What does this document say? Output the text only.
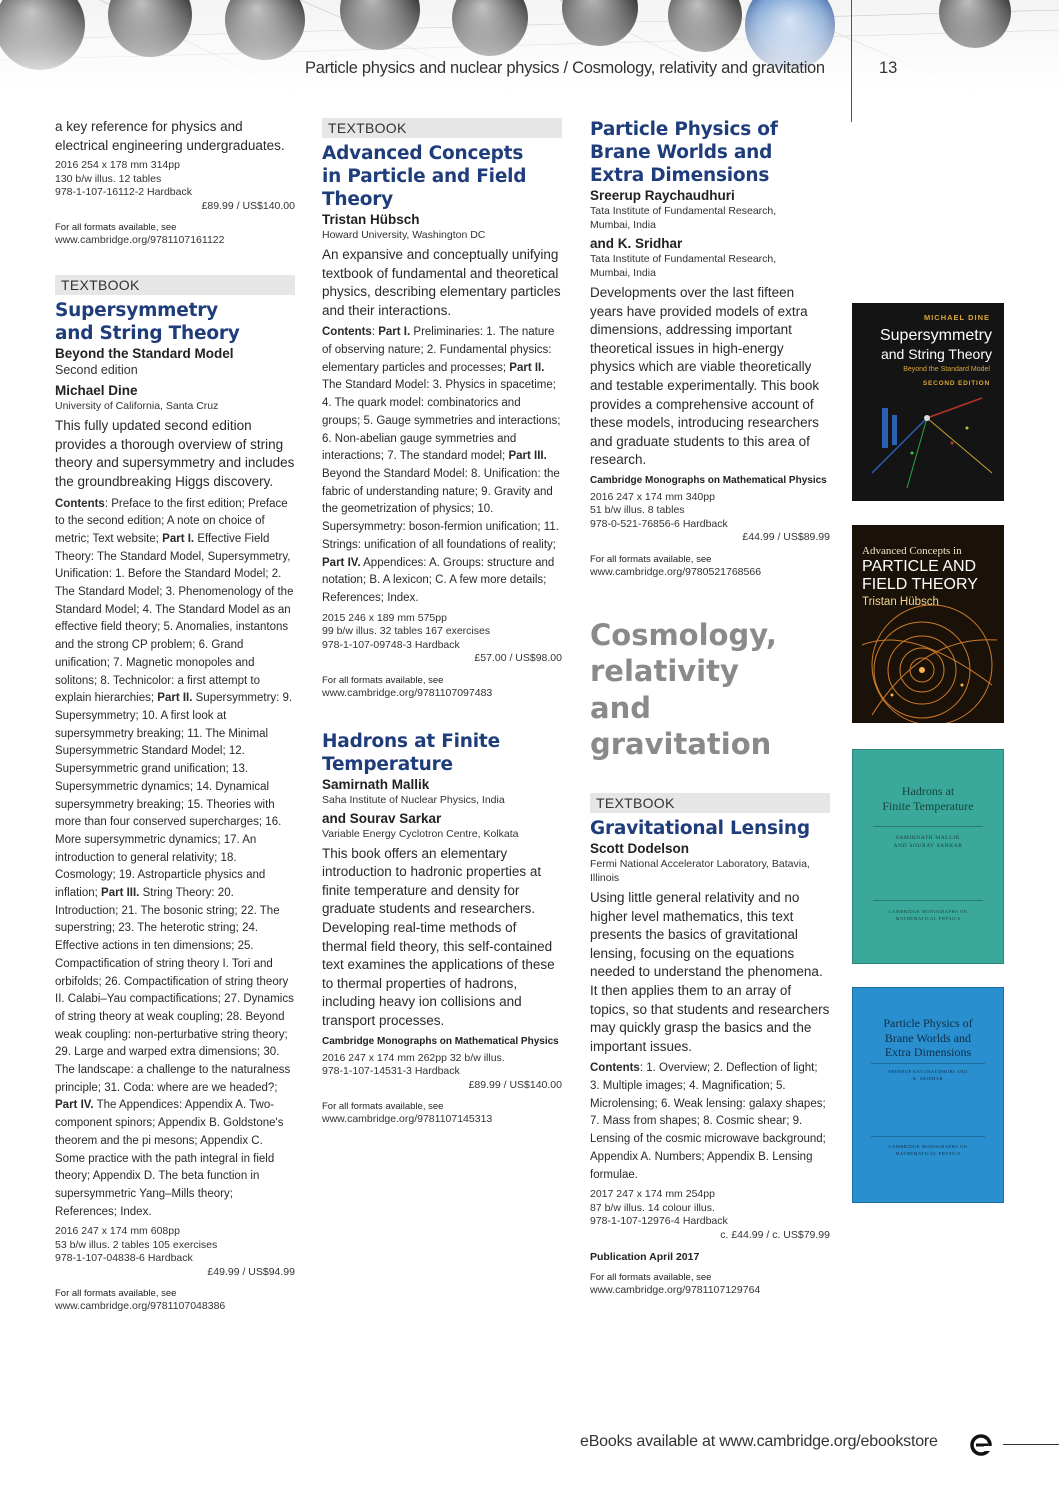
Particle physics and nuclear physics / Cosmology, relativity and gravitation	13
a key reference for physics and electrical engineering undergraduates.
2016 254 x 178 mm 314pp
130 b/w illus. 12 tables
978-1-107-16112-2 Hardback
£89.99 / US$140.00
For all formats available, see
www.cambridge.org/9781107161122
TEXTBOOK
Supersymmetry and String Theory
Beyond the Standard Model
Second edition
Michael Dine
University of California, Santa Cruz
This fully updated second edition provides a thorough overview of string theory and supersymmetry and includes the groundbreaking Higgs discovery.
Contents: Preface to the first edition; Preface to the second edition; A note on choice of metric; Text website; Part I. Effective Field Theory: The Standard Model, Supersymmetry, Unification: 1. Before the Standard Model; 2. The Standard Model; 3. Phenomenology of the Standard Model; 4. The Standard Model as an effective field theory; 5. Anomalies, instantons and the strong CP problem; 6. Grand unification; 7. Magnetic monopoles and solitons; 8. Technicolor: a first attempt to explain hierarchies; Part II. Supersymmetry: 9. Supersymmetry; 10. A first look at supersymmetry breaking; 11. The Minimal Supersymmetric Standard Model; 12. Supersymmetric grand unification; 13. Supersymmetric dynamics; 14. Dynamical supersymmetry breaking; 15. Theories with more than four conserved supercharges; 16. More supersymmetric dynamics; 17. An introduction to general relativity; 18. Cosmology; 19. Astroparticle physics and inflation; Part III. String Theory: 20. Introduction; 21. The bosonic string; 22. The superstring; 23. The heterotic string; 24. Effective actions in ten dimensions; 25. Compactification of string theory I. Tori and orbifolds; 26. Compactification of string theory II. Calabi–Yau compactifications; 27. Dynamics of string theory at weak coupling; 28. Beyond weak coupling: non-perturbative string theory; 29. Large and warped extra dimensions; 30. The landscape: a challenge to the naturalness principle; 31. Coda: where are we headed?; Part IV. The Appendices: Appendix A. Two-component spinors; Appendix B. Goldstone's theorem and the pi mesons; Appendix C. Some practice with the path integral in field theory; Appendix D. The beta function in supersymmetric Yang–Mills theory; References; Index.
2016 247 x 174 mm 608pp
53 b/w illus. 2 tables 105 exercises
978-1-107-04838-6 Hardback
£49.99 / US$94.99
For all formats available, see
www.cambridge.org/9781107048386
TEXTBOOK
Advanced Concepts in Particle and Field Theory
Tristan Hübsch
Howard University, Washington DC
An expansive and conceptually unifying textbook of fundamental and theoretical physics, describing elementary particles and their interactions.
Contents: Part I. Preliminaries: 1. The nature of observing nature; 2. Fundamental physics: elementary particles and processes; Part II. The Standard Model: 3. Physics in spacetime; 4. The quark model: combinatorics and groups; 5. Gauge symmetries and interactions; 6. Non-abelian gauge symmetries and interactions; 7. The standard model; Part III. Beyond the Standard Model: 8. Unification: the fabric of understanding nature; 9. Gravity and the geometrization of physics; 10. Supersymmetry: boson-fermion unification; 11. Strings: unification of all foundations of reality; Part IV. Appendices: A. Groups: structure and notation; B. A lexicon; C. A few more details; References; Index.
2015 246 x 189 mm 575pp
99 b/w illus. 32 tables 167 exercises
978-1-107-09748-3 Hardback
£57.00 / US$98.00
For all formats available, see
www.cambridge.org/9781107097483
Hadrons at Finite Temperature
Samirnath Mallik
Saha Institute of Nuclear Physics, India
and Sourav Sarkar
Variable Energy Cyclotron Centre, Kolkata
This book offers an elementary introduction to hadronic properties at finite temperature and density for graduate students and researchers. Developing real-time methods of thermal field theory, this self-contained text examines the applications of these to thermal properties of hadrons, including heavy ion collisions and transport processes.
Cambridge Monographs on Mathematical Physics
2016 247 x 174 mm 262pp 32 b/w illus.
978-1-107-14531-3 Hardback
£89.99 / US$140.00
For all formats available, see
www.cambridge.org/9781107145313
Particle Physics of Brane Worlds and Extra Dimensions
Sreerup Raychaudhuri
Tata Institute of Fundamental Research, Mumbai, India
and K. Sridhar
Tata Institute of Fundamental Research, Mumbai, India
Developments over the last fifteen years have provided models of extra dimensions, addressing important theoretical issues in high-energy physics which are viable theoretically and testable experimentally. This book provides a comprehensive account of these models, introducing researchers and graduate students to this area of research.
Cambridge Monographs on Mathematical Physics
2016 247 x 174 mm 340pp
51 b/w illus. 8 tables
978-0-521-76856-6 Hardback
£44.99 / US$89.99
For all formats available, see
www.cambridge.org/9780521768566
Cosmology, relativity and gravitation
TEXTBOOK
Gravitational Lensing
Scott Dodelson
Fermi National Accelerator Laboratory, Batavia, Illinois
Using little general relativity and no higher level mathematics, this text presents the basics of gravitational lensing, focusing on the equations needed to understand the phenomena. It then applies them to an array of topics, so that students and researchers may quickly grasp the basics and the important issues.
Contents: 1. Overview; 2. Deflection of light; 3. Multiple images; 4. Magnification; 5. Microlensing; 6. Weak lensing: galaxy shapes; 7. Mass from shapes; 8. Cosmic shear; 9. Lensing of the cosmic microwave background; Appendix A. Numbers; Appendix B. Lensing formulae.
2017 247 x 174 mm 254pp
87 b/w illus. 14 colour illus.
978-1-107-12976-4 Hardback
c. £44.99 / c. US$79.99
Publication April 2017
For all formats available, see
www.cambridge.org/9781107129764
MICHAEL DINE
Supersymmetry
and String Theory
Beyond the Standard Model
SECOND EDITION
Advanced Concepts in
PARTICLE AND
FIELD THEORY
Tristan Hübsch
Hadrons at
Finite Temperature
SAMIRNATH MALLIK AND SOURAV SARKAR
CAMBRIDGE MONOGRAPHS ON MATHEMATICAL PHYSICS
Particle Physics of
Brane Worlds and
Extra Dimensions
SREERUP RAYCHAUDHURI AND K. SRIDHAR
CAMBRIDGE MONOGRAPHS ON MATHEMATICAL PHYSICS
eBooks available at www.cambridge.org/ebookstore
